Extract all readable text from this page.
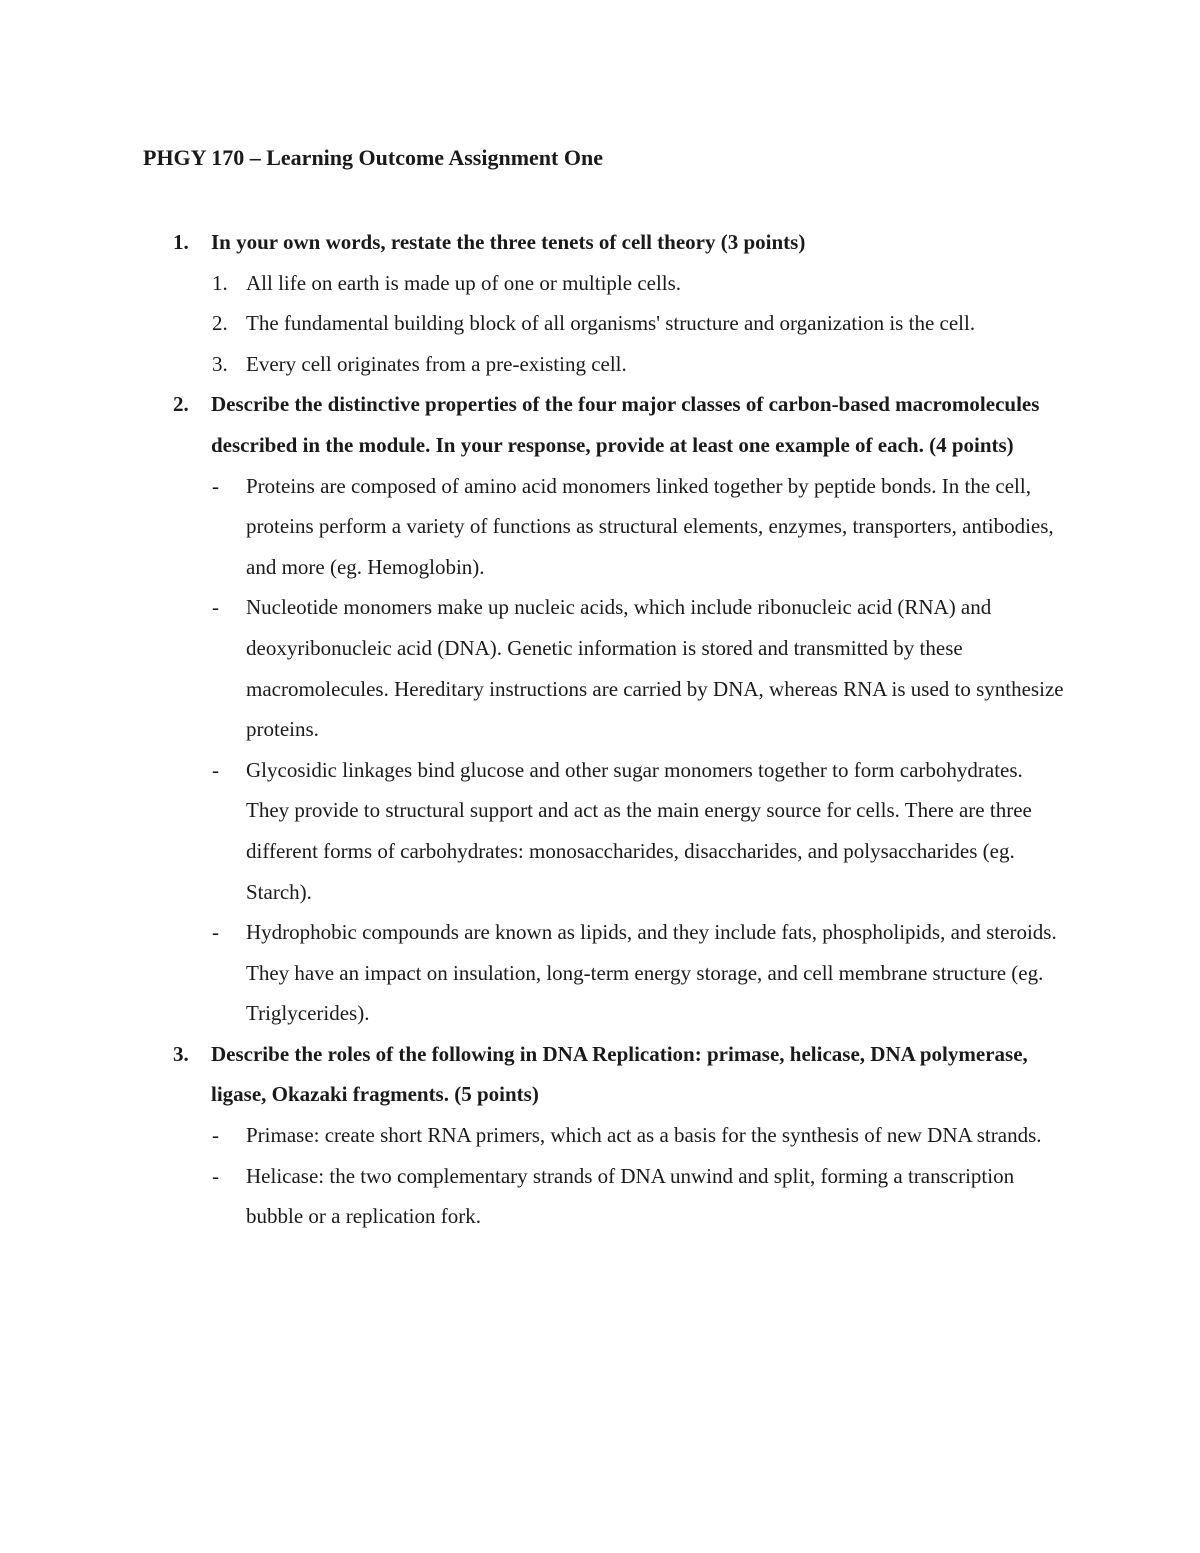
PHGY 170 – Learning Outcome Assignment One
1. In your own words, restate the three tenets of cell theory (3 points)
1. All life on earth is made up of one or multiple cells.
2. The fundamental building block of all organisms' structure and organization is the cell.
3. Every cell originates from a pre-existing cell.
2. Describe the distinctive properties of the four major classes of carbon-based macromolecules described in the module. In your response, provide at least one example of each. (4 points)
- Proteins are composed of amino acid monomers linked together by peptide bonds. In the cell, proteins perform a variety of functions as structural elements, enzymes, transporters, antibodies, and more (eg. Hemoglobin).
- Nucleotide monomers make up nucleic acids, which include ribonucleic acid (RNA) and deoxyribonucleic acid (DNA). Genetic information is stored and transmitted by these macromolecules. Hereditary instructions are carried by DNA, whereas RNA is used to synthesize proteins.
- Glycosidic linkages bind glucose and other sugar monomers together to form carbohydrates. They provide to structural support and act as the main energy source for cells. There are three different forms of carbohydrates: monosaccharides, disaccharides, and polysaccharides (eg. Starch).
- Hydrophobic compounds are known as lipids, and they include fats, phospholipids, and steroids. They have an impact on insulation, long-term energy storage, and cell membrane structure (eg. Triglycerides).
3. Describe the roles of the following in DNA Replication: primase, helicase, DNA polymerase, ligase, Okazaki fragments. (5 points)
- Primase: create short RNA primers, which act as a basis for the synthesis of new DNA strands.
- Helicase: the two complementary strands of DNA unwind and split, forming a transcription bubble or a replication fork.
